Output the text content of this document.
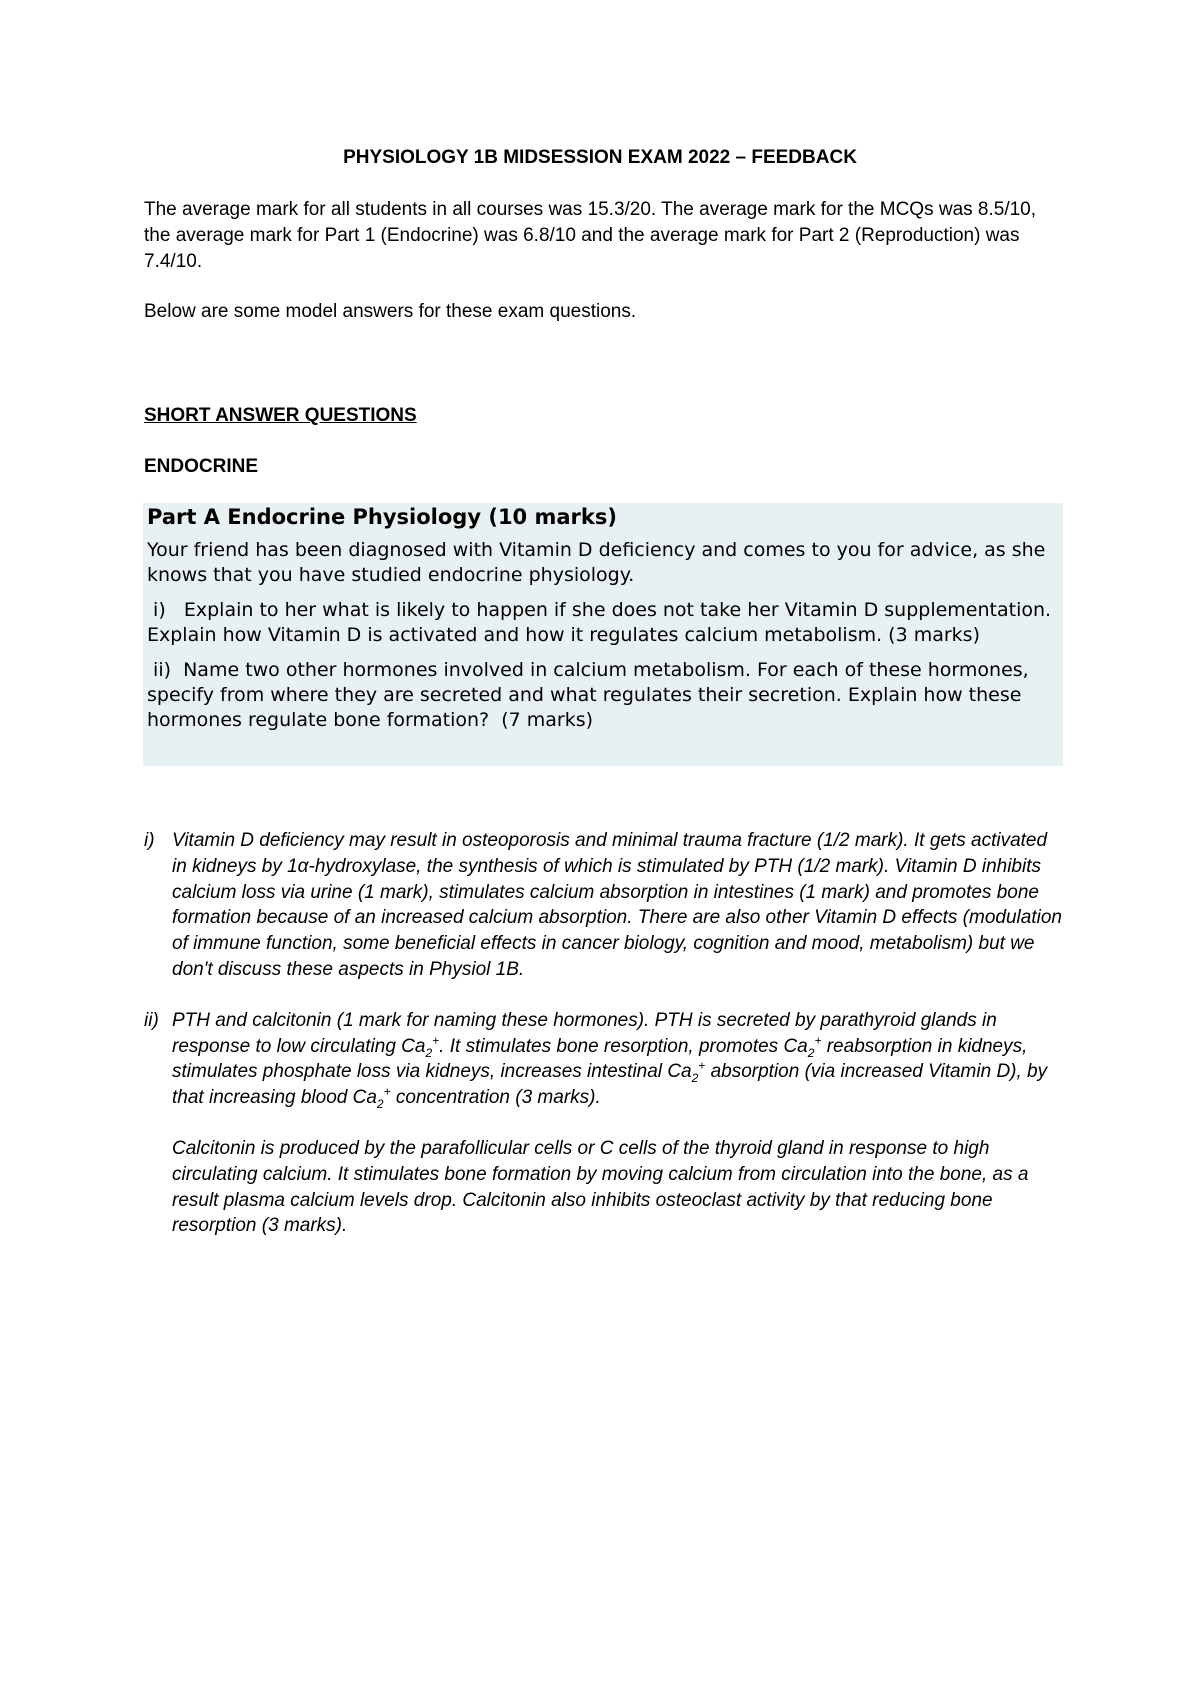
PHYSIOLOGY 1B MIDSESSION EXAM 2022 – FEEDBACK
The average mark for all students in all courses was 15.3/20. The average mark for the MCQs was 8.5/10, the average mark for Part 1 (Endocrine) was 6.8/10 and the average mark for Part 2 (Reproduction) was 7.4/10.
Below are some model answers for these exam questions.
SHORT ANSWER QUESTIONS
ENDOCRINE
Part A Endocrine Physiology (10 marks)
Your friend has been diagnosed with Vitamin D deficiency and comes to you for advice, as she knows that you have studied endocrine physiology.
i)   Explain to her what is likely to happen if she does not take her Vitamin D supplementation. Explain how Vitamin D is activated and how it regulates calcium metabolism. (3 marks)
ii)  Name two other hormones involved in calcium metabolism. For each of these hormones, specify from where they are secreted and what regulates their secretion. Explain how these hormones regulate bone formation?  (7 marks)
i) Vitamin D deficiency may result in osteoporosis and minimal trauma fracture (1/2 mark). It gets activated in kidneys by 1α-hydroxylase, the synthesis of which is stimulated by PTH (1/2 mark). Vitamin D inhibits calcium loss via urine (1 mark), stimulates calcium absorption in intestines (1 mark) and promotes bone formation because of an increased calcium absorption. There are also other Vitamin D effects (modulation of immune function, some beneficial effects in cancer biology, cognition and mood, metabolism) but we don't discuss these aspects in Physiol 1B.
ii) PTH and calcitonin (1 mark for naming these hormones). PTH is secreted by parathyroid glands in response to low circulating $Ca_2^+$. It stimulates bone resorption, promotes $Ca_2^+$ reabsorption in kidneys, stimulates phosphate loss via kidneys, increases intestinal $Ca_2^+$ absorption (via increased Vitamin D), by that increasing blood $Ca_2^+$ concentration (3 marks).
Calcitonin is produced by the parafollicular cells or C cells of the thyroid gland in response to high circulating calcium. It stimulates bone formation by moving calcium from circulation into the bone, as a result plasma calcium levels drop. Calcitonin also inhibits osteoclast activity by that reducing bone resorption (3 marks).
